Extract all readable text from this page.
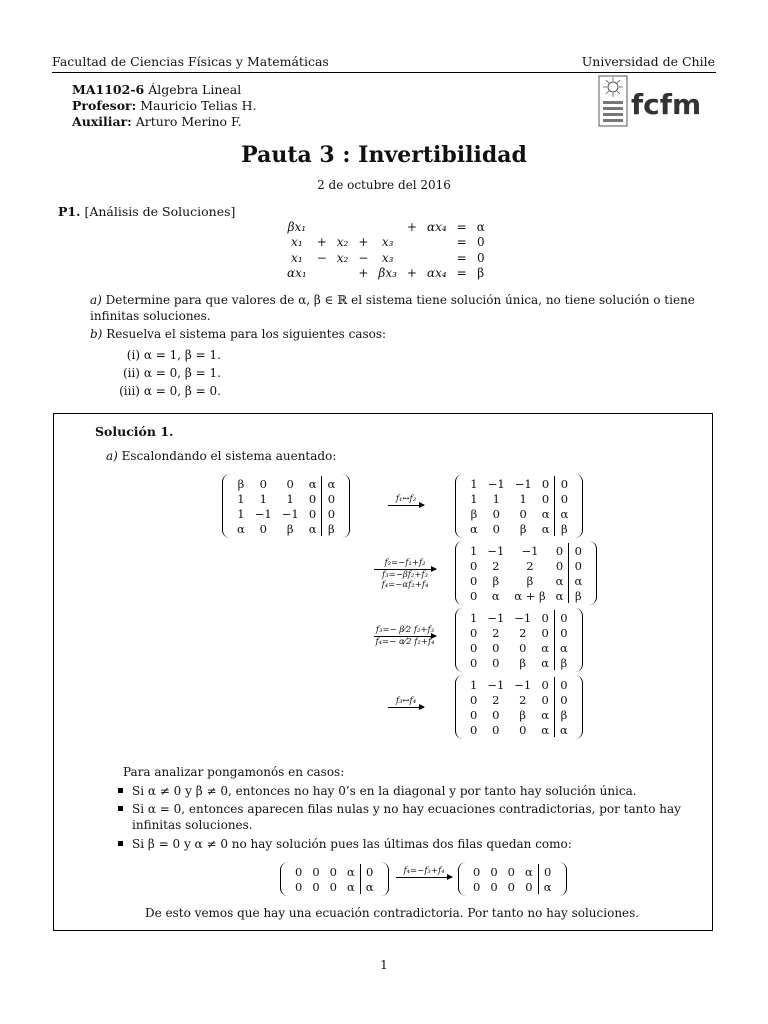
Facultad de Ciencias Físicas y Matemáticas	Universidad de Chile
MA1102-6 Álgebra Lineal
Profesor: Mauricio Telias H.
Auxiliar: Arturo Merino F.
fcfm
Pauta 3 : Invertibilidad
2 de octubre del 2016
P1. [Análisis de Soluciones]
βx₁					+	αx₄	=	α
x₁	+	x₂	+	x₃			=	0
x₁	−	x₂	−	x₃			=	0
αx₁			+	βx₃	+	αx₄	=	β
a) Determine para que valores de α, β ∈ ℝ el sistema tiene solución única, no tiene solución o tiene infinitas soluciones.
b) Resuelva el sistema para los siguientes casos:
(i) α = 1, β = 1.
(ii) α = 0, β = 1.
(iii) α = 0, β = 0.
Solución 1.
a) Escalondando el sistema auentado:
β	0	0	α	α
1	1	1	0	0
1	−1	−1	0	0
α	0	β	α	β
f₁↔f₂
1	−1	−1	0	0
1	1	1	0	0
β	0	0	α	α
α	0	β	α	β
f₂=−f₁+f₂
f₃=−βf₂+f₃
f₄=−αf₂+f₄
1	−1	−1	0	0
0	2	2	0	0
0	β	β	α	α
0	α	α + β	α	β
f₃=− β⁄2 f₂+f₃
f₄=− α⁄2 f₂+f₄
1	−1	−1	0	0
0	2	2	0	0
0	0	0	α	α
0	0	β	α	β
f₃↔f₄
1	−1	−1	0	0
0	2	2	0	0
0	0	β	α	β
0	0	0	α	α
Para analizar pongamonós en casos:
Si α ≠ 0 y β ≠ 0, entonces no hay 0’s en la diagonal y por tanto hay solución única.
Si α = 0, entonces aparecen filas nulas y no hay ecuaciones contradictorias, por tanto hay infinitas soluciones.
Si β = 0 y α ≠ 0 no hay solución pues las últimas dos filas quedan como:
0	0	0	α	0
0	0	0	α	α
f₄=−f₃+f₄	0	0	0	α	0
0	0	0	0	α
De esto vemos que hay una ecuación contradictoria. Por tanto no hay soluciones.
1
